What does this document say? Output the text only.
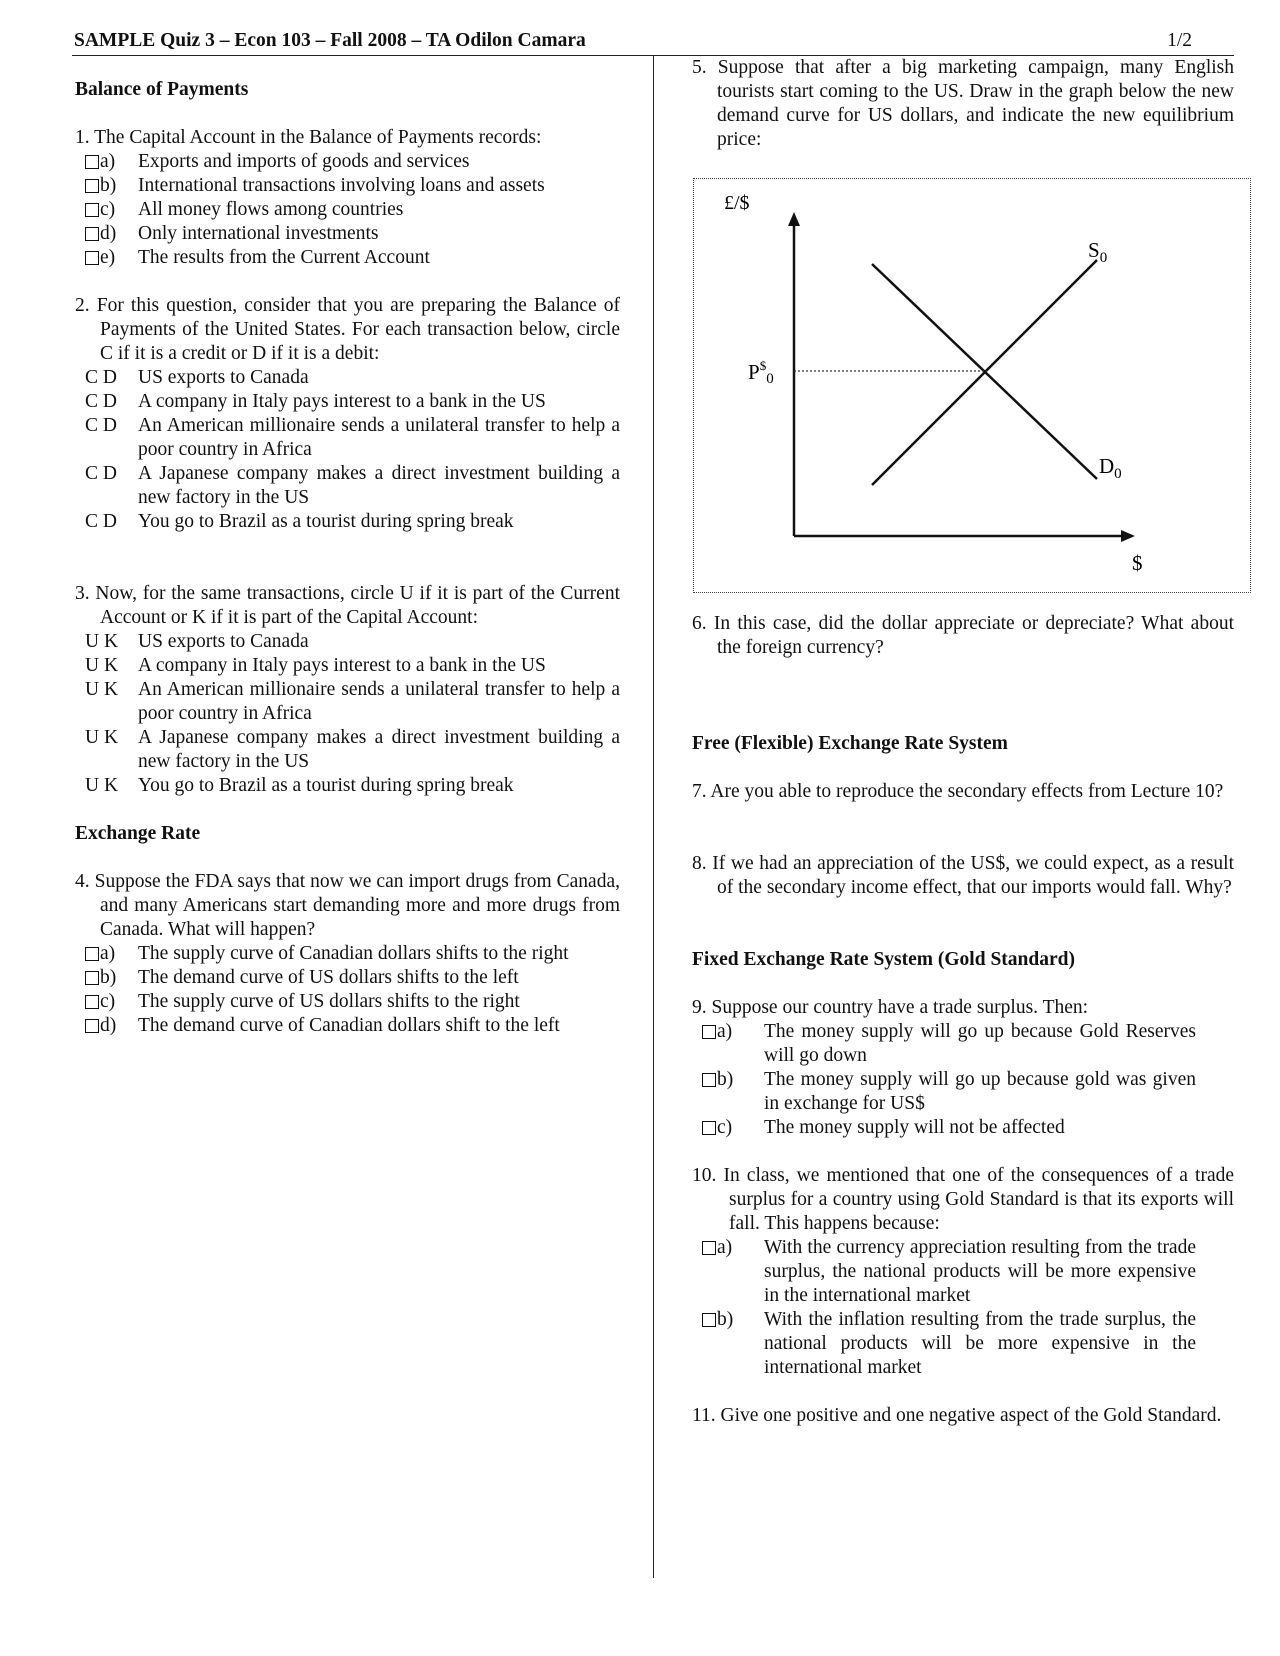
SAMPLE Quiz 3 – Econ 103 – Fall 2008 – TA Odilon Camara	1/2

Balance of Payments

1. The Capital Account in the Balance of Payments records:

a)	Exports and imports of goods and services
b)	International transactions involving loans and assets
c)	All money flows among countries
d)	Only international investments
e)	The results from the Current Account

2. For this question, consider that you are preparing the Balance of Payments of the United States. For each transaction below, circle C if it is a credit or D if it is a debit:

C D	US exports to Canada
C D	A company in Italy pays interest to a bank in the US
C D	An American millionaire sends a unilateral transfer to help a poor country in Africa
C D	A Japanese company makes a direct investment building a new factory in the US
C D	You go to Brazil as a tourist during spring break

3. Now, for the same transactions, circle U if it is part of the Current Account or K if it is part of the Capital Account:

U K	US exports to Canada
U K	A company in Italy pays interest to a bank in the US
U K	An American millionaire sends a unilateral transfer to help a poor country in Africa
U K	A Japanese company makes a direct investment building a new factory in the US
U K	You go to Brazil as a tourist during spring break

Exchange Rate

4. Suppose the FDA says that now we can import drugs from Canada, and many Americans start demanding more and more drugs from Canada. What will happen?

a)	The supply curve of Canadian dollars shifts to the right
b)	The demand curve of US dollars shifts to the left
c)	The supply curve of US dollars shifts to the right
d)	The demand curve of Canadian dollars shift to the left

5. Suppose that after a big marketing campaign, many English tourists start coming to the US. Draw in the graph below the new demand curve for US dollars, and indicate the new equilibrium price:

£/$
$
$P^{\$}_0$
$S_0$
$D_0$

6. In this case, did the dollar appreciate or depreciate? What about the foreign currency?

Free (Flexible) Exchange Rate System

7. Are you able to reproduce the secondary effects from Lecture 10?

8. If we had an appreciation of the US$, we could expect, as a result of the secondary income effect, that our imports would fall. Why?

Fixed Exchange Rate System (Gold Standard)

9. Suppose our country have a trade surplus. Then:

a)	The money supply will go up because Gold Reserves will go down
b)	The money supply will go up because gold was given in exchange for US$
c)	The money supply will not be affected

10. In class, we mentioned that one of the consequences of a trade surplus for a country using Gold Standard is that its exports will fall. This happens because:

a)	With the currency appreciation resulting from the trade surplus, the national products will be more expensive in the international market
b)	With the inflation resulting from the trade surplus, the national products will be more expensive in the international market

11. Give one positive and one negative aspect of the Gold Standard.
